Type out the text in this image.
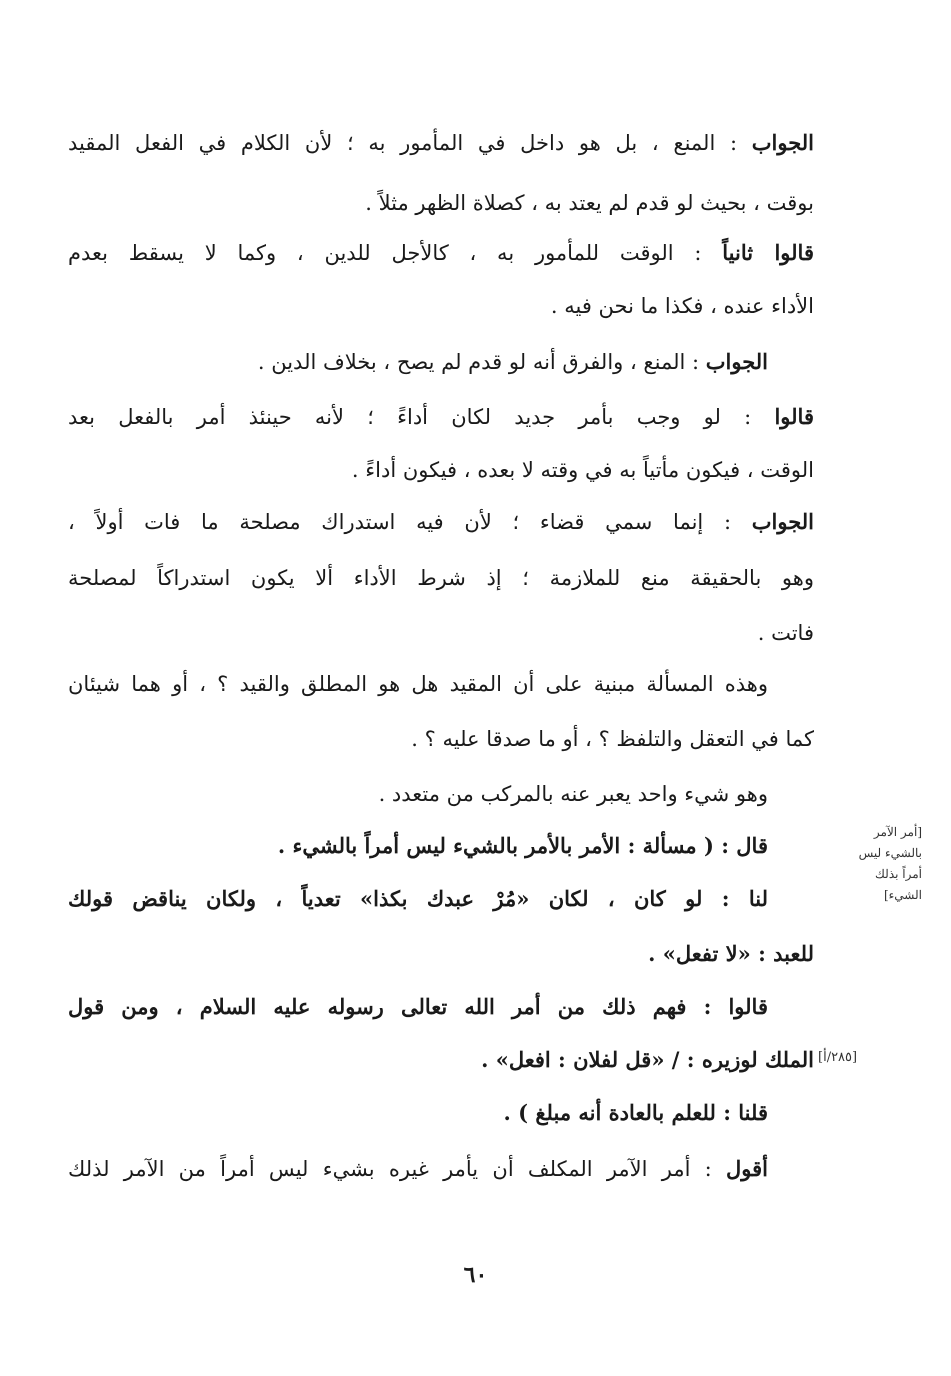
الجواب : المنع ، بل هو داخل في المأمور به ؛ لأن الكلام في الفعل المقيد
بوقت ، بحيث لو قدم لم يعتد به ، كصلاة الظهر مثلاً .
قالوا ثانياً : الوقت للمأمور به ، كالأجل للدين ، وكما لا يسقط بعدم
الأداء عنده ، فكذا ما نحن فيه .
الجواب : المنع ، والفرق أنه لو قدم لم يصح ، بخلاف الدين .
قالوا : لو وجب بأمر جديد لكان أداءً ؛ لأنه حينئذ أمر بالفعل بعد
الوقت ، فيكون مأتياً به في وقته لا بعده ، فيكون أداءً .
الجواب : إنما سمي قضاء ؛ لأن فيه استدراك مصلحة ما فات أولاً ،
وهو بالحقيقة منع للملازمة ؛ إذ شرط الأداء ألا يكون استدراكاً لمصلحة
فاتت .
وهذه المسألة مبنية على أن المقيد هل هو المطلق والقيد ؟ ، أو هما شيئان
كما في التعقل والتلفظ ؟ ، أو ما صدقا عليه ؟ .
وهو شيء واحد يعبر عنه بالمركب من متعدد .
قال : ( مسألة : الأمر بالأمر بالشيء ليس أمراً بالشيء .
لنا : لو كان ، لكان «مُرْ عبدك بكذا» تعدياً ، ولكان يناقض قولك
للعبد : «لا تفعل» .
قالوا : فهم ذلك من أمر الله تعالى رسوله عليه السلام ، ومن قول
الملك لوزيره : / «قل لفلان : افعل» .
قلنا : للعلم بالعادة أنه مبلغ ) .
أقول : أمر الآمر المكلف أن يأمر غيره بشيء ليس أمراً من الآمر لذلك
[أمر الآمر
بالشيء ليس
أمراً بذلك
الشيء]
[٢٨٥/أ]
٦٠
